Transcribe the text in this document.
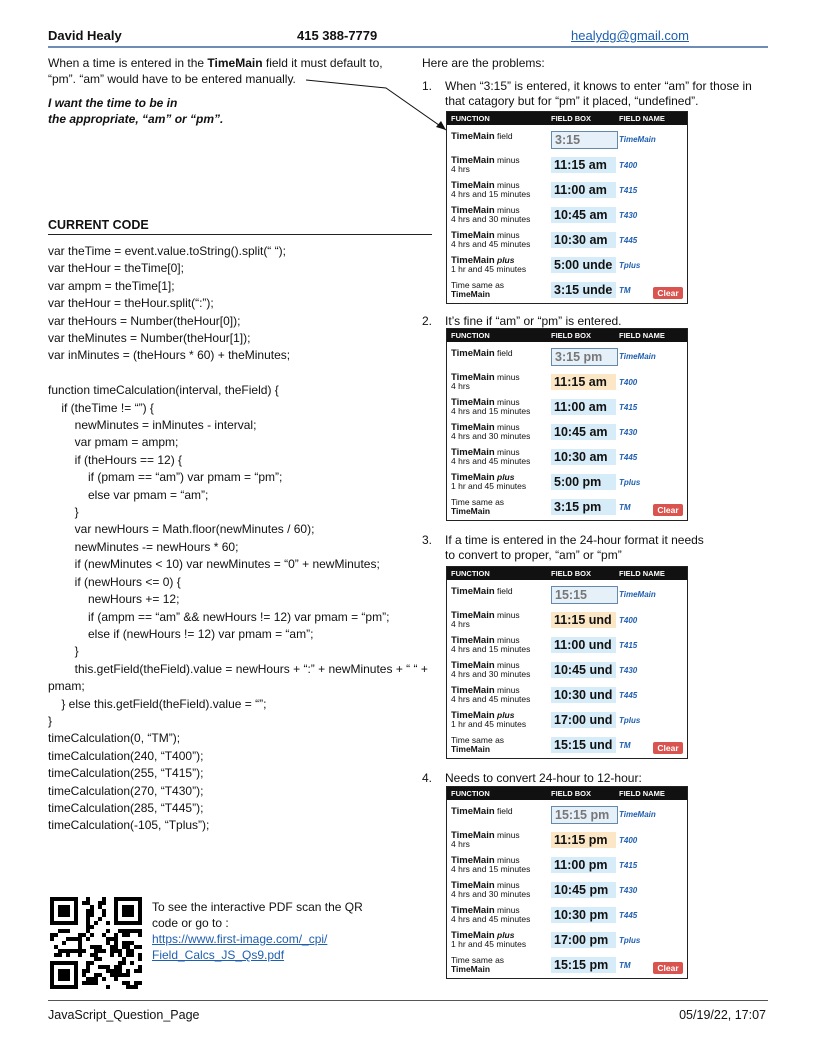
David Healy	415 388-7779	healydg@gmail.com
When a time is entered in the TimeMain field it must default to,
“pm”. “am” would have to be entered manually.
I want the time to be in
the appropriate, “am” or “pm”.
CURRENT CODE
var theTime = event.value.toString().split(“ “);
var theHour = theTime[0];
var ampm = theTime[1];
var theHour = theHour.split(“:”);
var theHours = Number(theHour[0]);
var theMinutes = Number(theHour[1]);
var inMinutes = (theHours * 60) + theMinutes;
function timeCalculation(interval, theField) {
if (theTime != “”) {
newMinutes = inMinutes - interval;
var pmam = ampm;
if (theHours == 12) {
if (pmam == “am”) var pmam = “pm”;
else var pmam = “am”;
}
var newHours = Math.floor(newMinutes / 60);
newMinutes -= newHours * 60;
if (newMinutes < 10) var newMinutes = “0” + newMinutes;
if (newHours <= 0) {
newHours += 12;
if (ampm == “am” && newHours != 12) var pmam = “pm”;
else if (newHours != 12) var pmam = “am”;
}
this.getField(theField).value = newHours + “:” + newMinutes + “ “ +
pmam;
} else this.getField(theField).value = “”;
}
timeCalculation(0, “TM”);
timeCalculation(240, “T400”);
timeCalculation(255, “T415”);
timeCalculation(270, “T430”);
timeCalculation(285, “T445”);
timeCalculation(-105, “Tplus”);
To see the interactive PDF scan the QR
code or go to :
https://www.first-image.com/_cpi/
Field_Calcs_JS_Qs9.pdf
Here are the problems:
1. When “3:15” is entered, it knows to enter “am” for those in
that catagory but for “pm” it placed, “undefined”.
2. It’s fine if “am” or “pm” is entered.
3. If a time is entered in the 24-hour format it needs
to convert to proper, “am” or “pm”
4. Needs to convert 24-hour to 12-hour:
FUNCTION	FIELD BOX	FIELD NAME
TimeMain field	3:15	TimeMain
TimeMain minus
4 hrs	11:15 am	T400
TimeMain minus
4 hrs and 15 minutes 11:00 am	T415
TimeMain minus
4 hrs and 30 minutes 10:45 am	T430
TimeMain minus
4 hrs and 45 minutes 10:30 am	T445
TimeMain plus
1 hr and 45 minutes 5:00 unde Tplus
Time same as
TimeMain	3:15 unde TM	Clear
FUNCTION	FIELD BOX	FIELD NAME
TimeMain field	3:15 pm	TimeMain
TimeMain minus
4 hrs	11:15 am	T400
TimeMain minus
4 hrs and 15 minutes 11:00 am	T415
TimeMain minus
4 hrs and 30 minutes 10:45 am	T430
TimeMain minus
4 hrs and 45 minutes 10:30 am	T445
TimeMain plus
1 hr and 45 minutes 5:00 pm	Tplus
Time same as
TimeMain	3:15 pm	TM	Clear
FUNCTION	FIELD BOX	FIELD NAME
TimeMain field	15:15	TimeMain
TimeMain minus
4 hrs	11:15 und T400
TimeMain minus
4 hrs and 15 minutes 11:00 und T415
TimeMain minus
4 hrs and 30 minutes 10:45 und T430
TimeMain minus
4 hrs and 45 minutes 10:30 und T445
TimeMain plus
1 hr and 45 minutes 17:00 und Tplus
Time same as
TimeMain	15:15 und TM	Clear
FUNCTION	FIELD BOX	FIELD NAME
TimeMain field	15:15 pm	TimeMain
TimeMain minus
4 hrs	11:15 pm	T400
TimeMain minus
4 hrs and 15 minutes 11:00 pm	T415
TimeMain minus
4 hrs and 30 minutes 10:45 pm	T430
TimeMain minus
4 hrs and 45 minutes 10:30 pm	T445
TimeMain plus
1 hr and 45 minutes 17:00 pm	Tplus
Time same as
TimeMain	15:15 pm	TM	Clear
JavaScript_Question_Page	05/19/22, 17:07
